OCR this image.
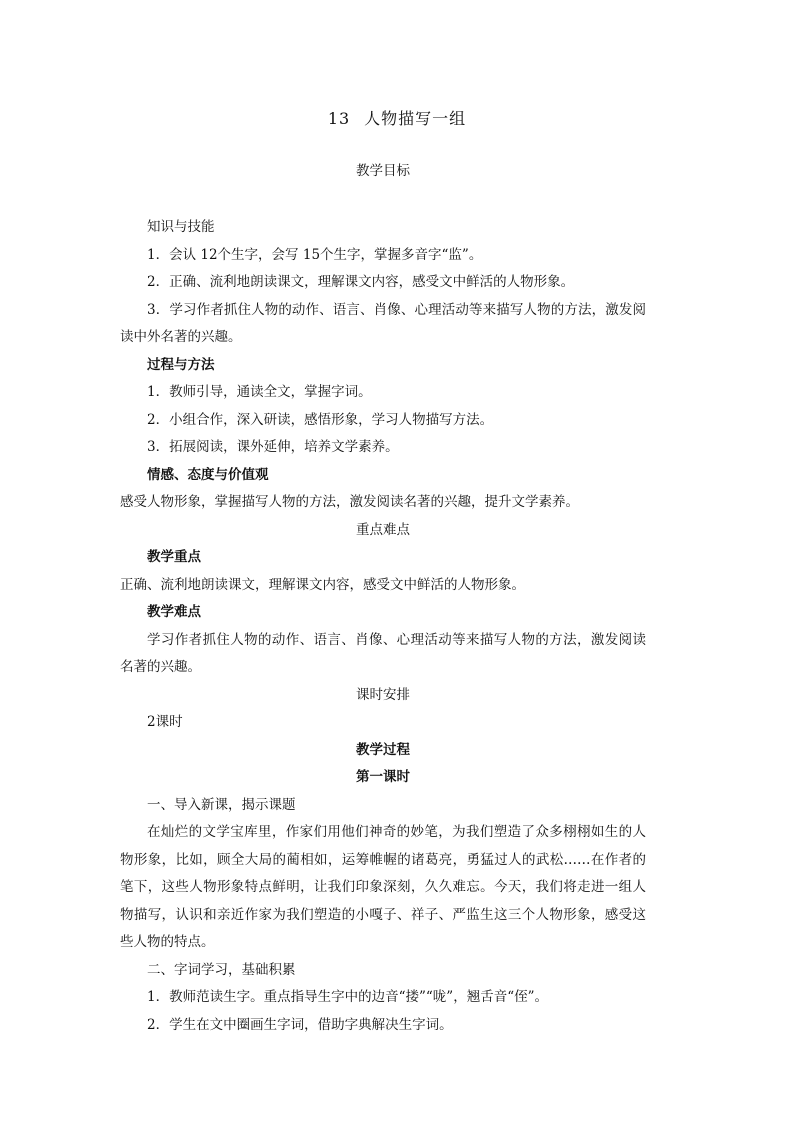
13 人物描写一组
教学目标
知识与技能
1．会认 12个生字，会写 15个生字，掌握多音字“监”。
2．正确、流利地朗读课文，理解课文内容，感受文中鲜活的人物形象。
3．学习作者抓住人物的动作、语言、肖像、心理活动等来描写人物的方法，激发阅读中外名著的兴趣。
过程与方法
1．教师引导，通读全文，掌握字词。
2．小组合作，深入研读，感悟形象，学习人物描写方法。
3．拓展阅读，课外延伸，培养文学素养。
情感、态度与价值观
感受人物形象，掌握描写人物的方法，激发阅读名著的兴趣，提升文学素养。
重点难点
教学重点
正确、流利地朗读课文，理解课文内容，感受文中鲜活的人物形象。
教学难点
学习作者抓住人物的动作、语言、肖像、心理活动等来描写人物的方法，激发阅读名著的兴趣。
课时安排
2课时
教学过程
第一课时
一、导入新课，揭示课题
在灿烂的文学宝库里，作家们用他们神奇的妙笔，为我们塑造了众多栩栩如生的人物形象，比如，顾全大局的蔺相如，运筹帷幄的诸葛亮，勇猛过人的武松……在作者的笔下，这些人物形象特点鲜明，让我们印象深刻，久久难忘。今天，我们将走进一组人物描写，认识和亲近作家为我们塑造的小嘎子、祥子、严监生这三个人物形象，感受这些人物的特点。
二、字词学习，基础积累
1．教师范读生字。重点指导生字中的边音“搂”“咙”，翘舌音“侄”。
2．学生在文中圈画生字词，借助字典解决生字词。
